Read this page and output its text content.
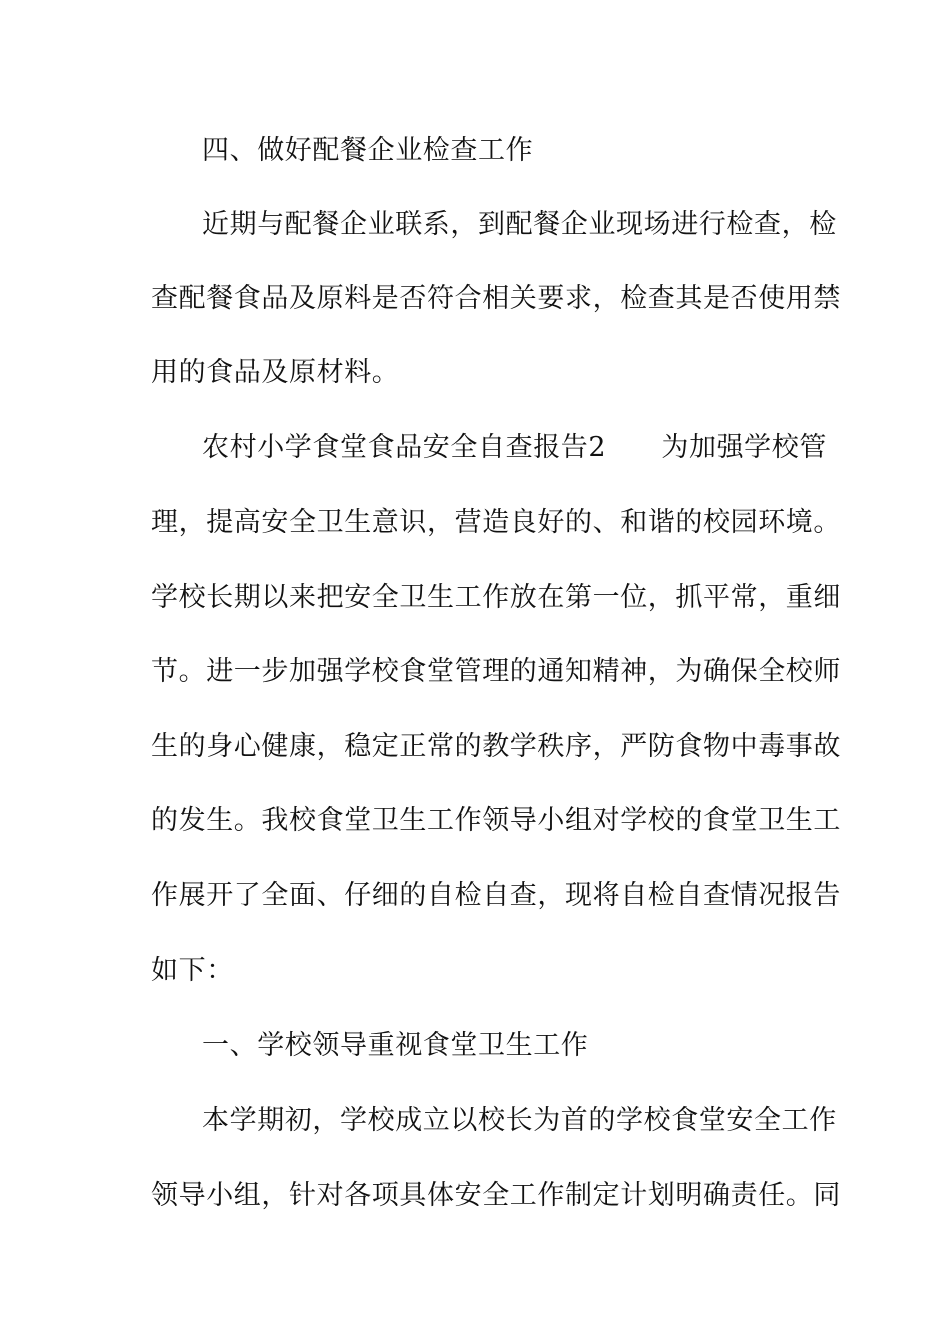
四、做好配餐企业检查工作
近期与配餐企业联系，到配餐企业现场进行检查，检
查配餐食品及原料是否符合相关要求，检查其是否使用禁
用的食品及原材料。
农村小学食堂食品安全自查报告2　　为加强学校管
理，提高安全卫生意识，营造良好的、和谐的校园环境。
学校长期以来把安全卫生工作放在第一位，抓平常，重细
节。进一步加强学校食堂管理的通知精神，为确保全校师
生的身心健康，稳定正常的教学秩序，严防食物中毒事故
的发生。我校食堂卫生工作领导小组对学校的食堂卫生工
作展开了全面、仔细的自检自查，现将自检自查情况报告
如下：
一、学校领导重视食堂卫生工作
本学期初，学校成立以校长为首的学校食堂安全工作
领导小组，针对各项具体安全工作制定计划明确责任。同
